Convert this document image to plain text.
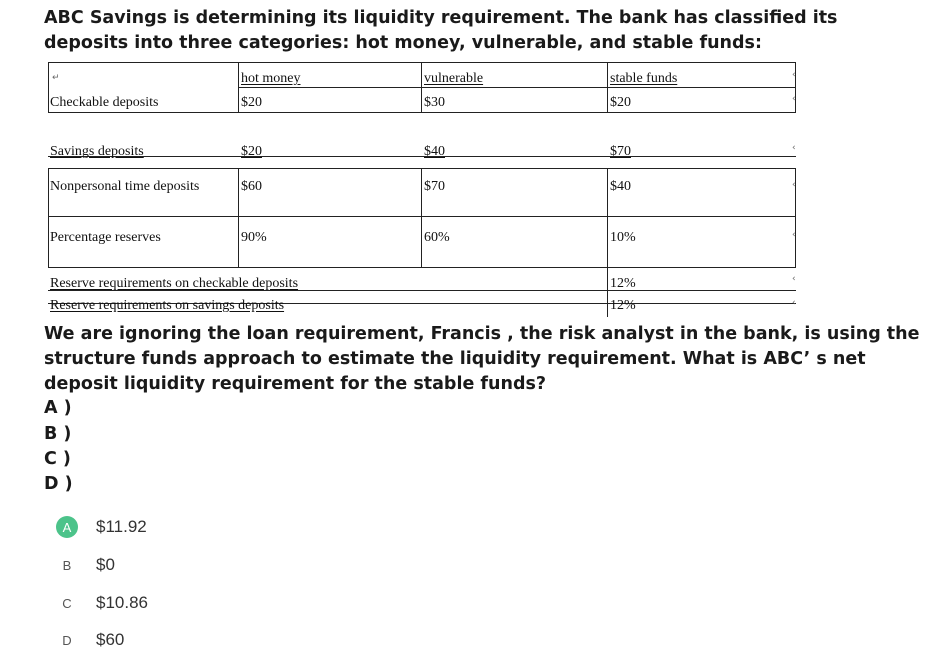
ABC Savings is determining its liquidity requirement. The bank has classified its deposits into three categories: hot money, vulnerable, and stable funds:

↵	hot money	vulnerable	stable funds
Checkable deposits	$20	$30	$20
Savings deposits	$20	$40	$70
Nonpersonal time deposits	$60	$70	$40
Percentage reserves	90%	60%	10%
Reserve requirements on checkable deposits	12%
Reserve requirements on savings deposits	12%
‹
‹
‹
‹
‹
‹
‹

We are ignoring the loan requirement, Francis , the risk analyst in the bank, is using the structure funds approach to estimate the liquidity requirement. What is ABC’ s net deposit liquidity requirement for the stable funds?

A )
B )
C )
D )
A	$11.92
B	$0
C	$10.86
D	$60
